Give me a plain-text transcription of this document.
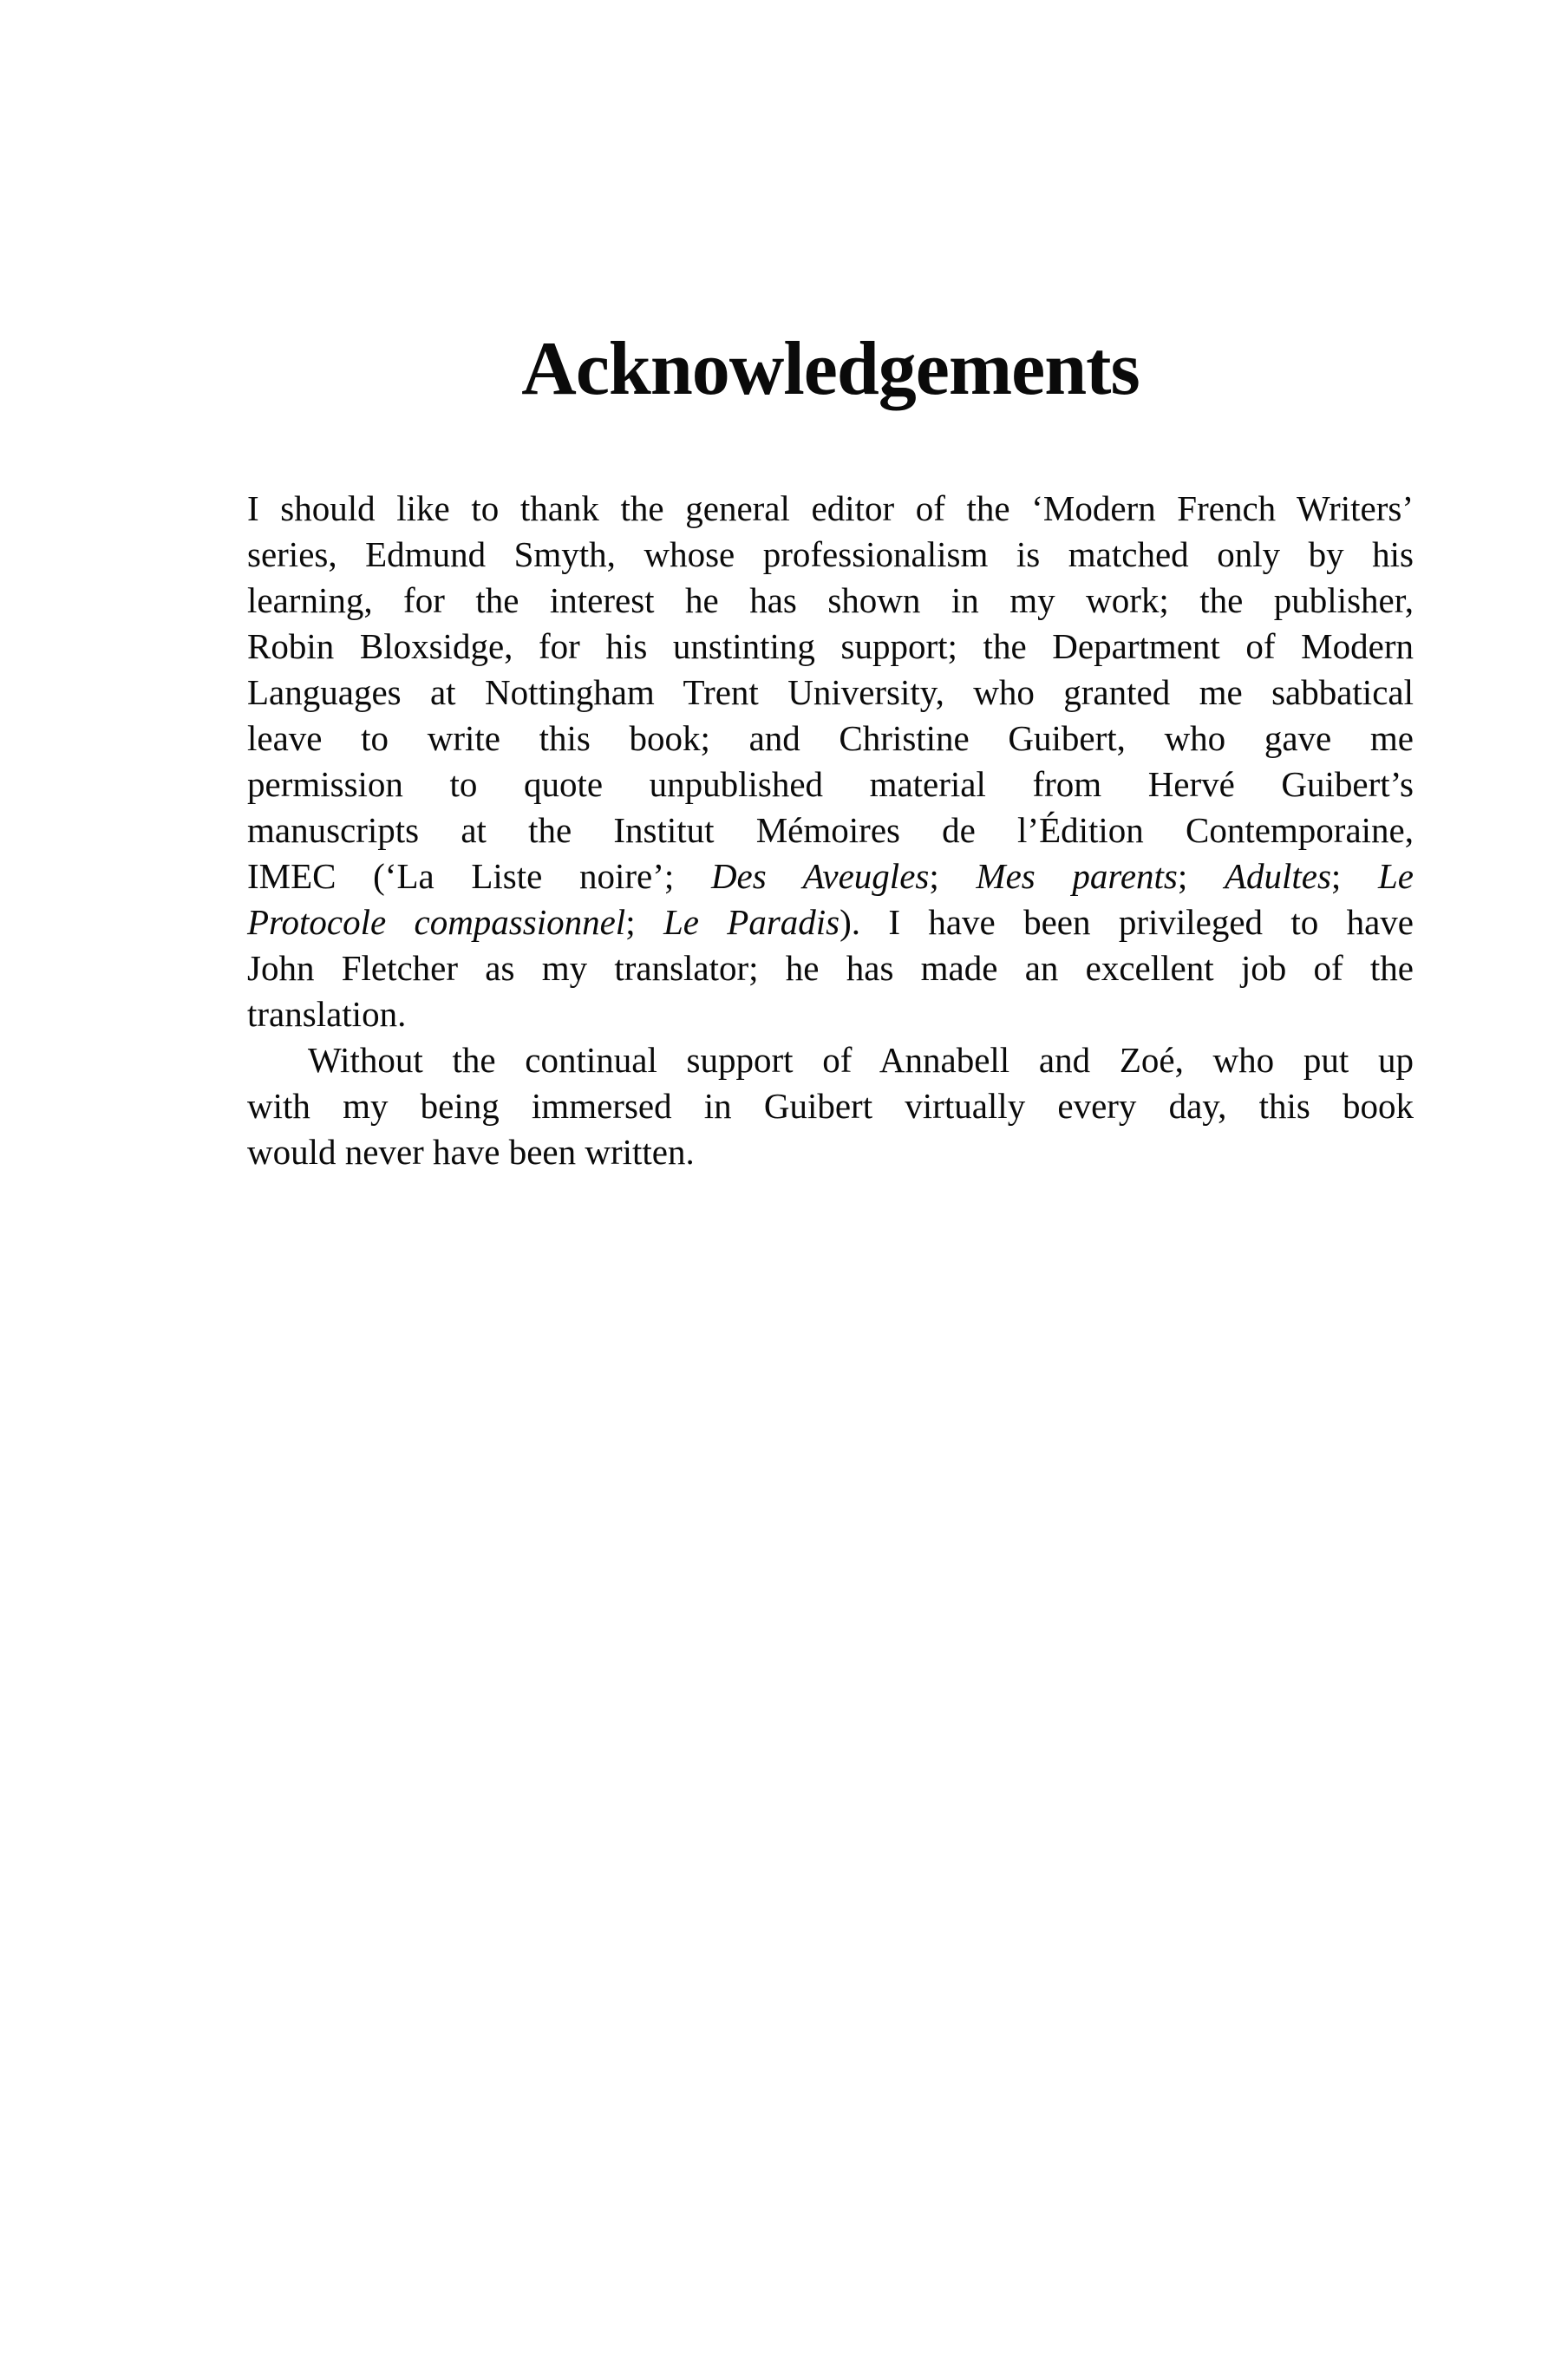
Acknowledgements
I should like to thank the general editor of the ‘Modern French Writers’
series, Edmund Smyth, whose professionalism is matched only by his
learning, for the interest he has shown in my work; the publisher,
Robin Bloxsidge, for his unstinting support; the Department of Modern
Languages at Nottingham Trent University, who granted me sabbatical
leave to write this book; and Christine Guibert, who gave me
permission to quote unpublished material from Hervé Guibert’s
manuscripts at the Institut Mémoires de l’Édition Contemporaine,
IMEC (‘La Liste noire’; Des Aveugles; Mes parents; Adultes; Le
Protocole compassionnel; Le Paradis). I have been privileged to have
John Fletcher as my translator; he has made an excellent job of the
translation.
Without the continual support of Annabell and Zoé, who put up
with my being immersed in Guibert virtually every day, this book
would never have been written.
